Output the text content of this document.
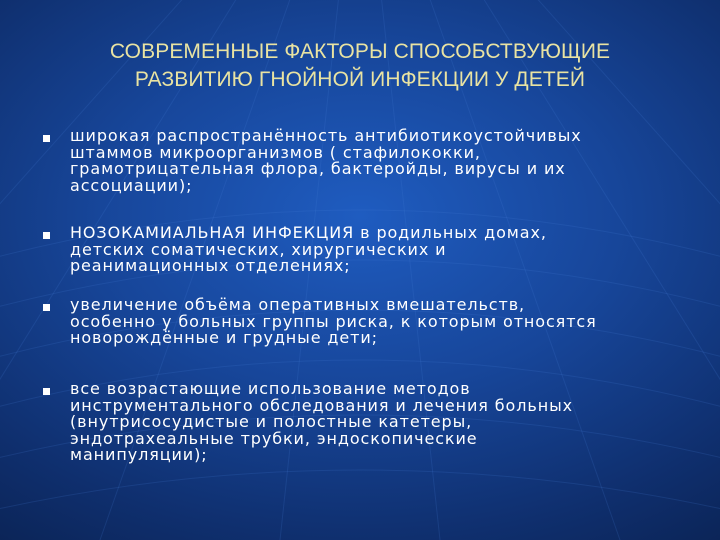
СОВРЕМЕННЫЕ ФАКТОРЫ СПОСОБСТВУЮЩИЕ
РАЗВИТИЮ ГНОЙНОЙ ИНФЕКЦИИ У ДЕТЕЙ
широкая распространённость антибиотикоустойчивых
штаммов микроорганизмов ( стафилококки,
грамотрицательная флора, бактеройды, вирусы и их
ассоциации);
НОЗОКАМИАЛЬНАЯ ИНФЕКЦИЯ в родильных домах,
детских соматических, хирургических и
реанимационных отделениях;
увеличение объёма оперативных вмешательств,
особенно у больных группы риска, к которым относятся
новорождённые и грудные дети;
все возрастающие использование методов
инструментального обследования и лечения больных
(внутрисосудистые и полостные катетеры,
эндотрахеальные трубки, эндоскопические
манипуляции);
